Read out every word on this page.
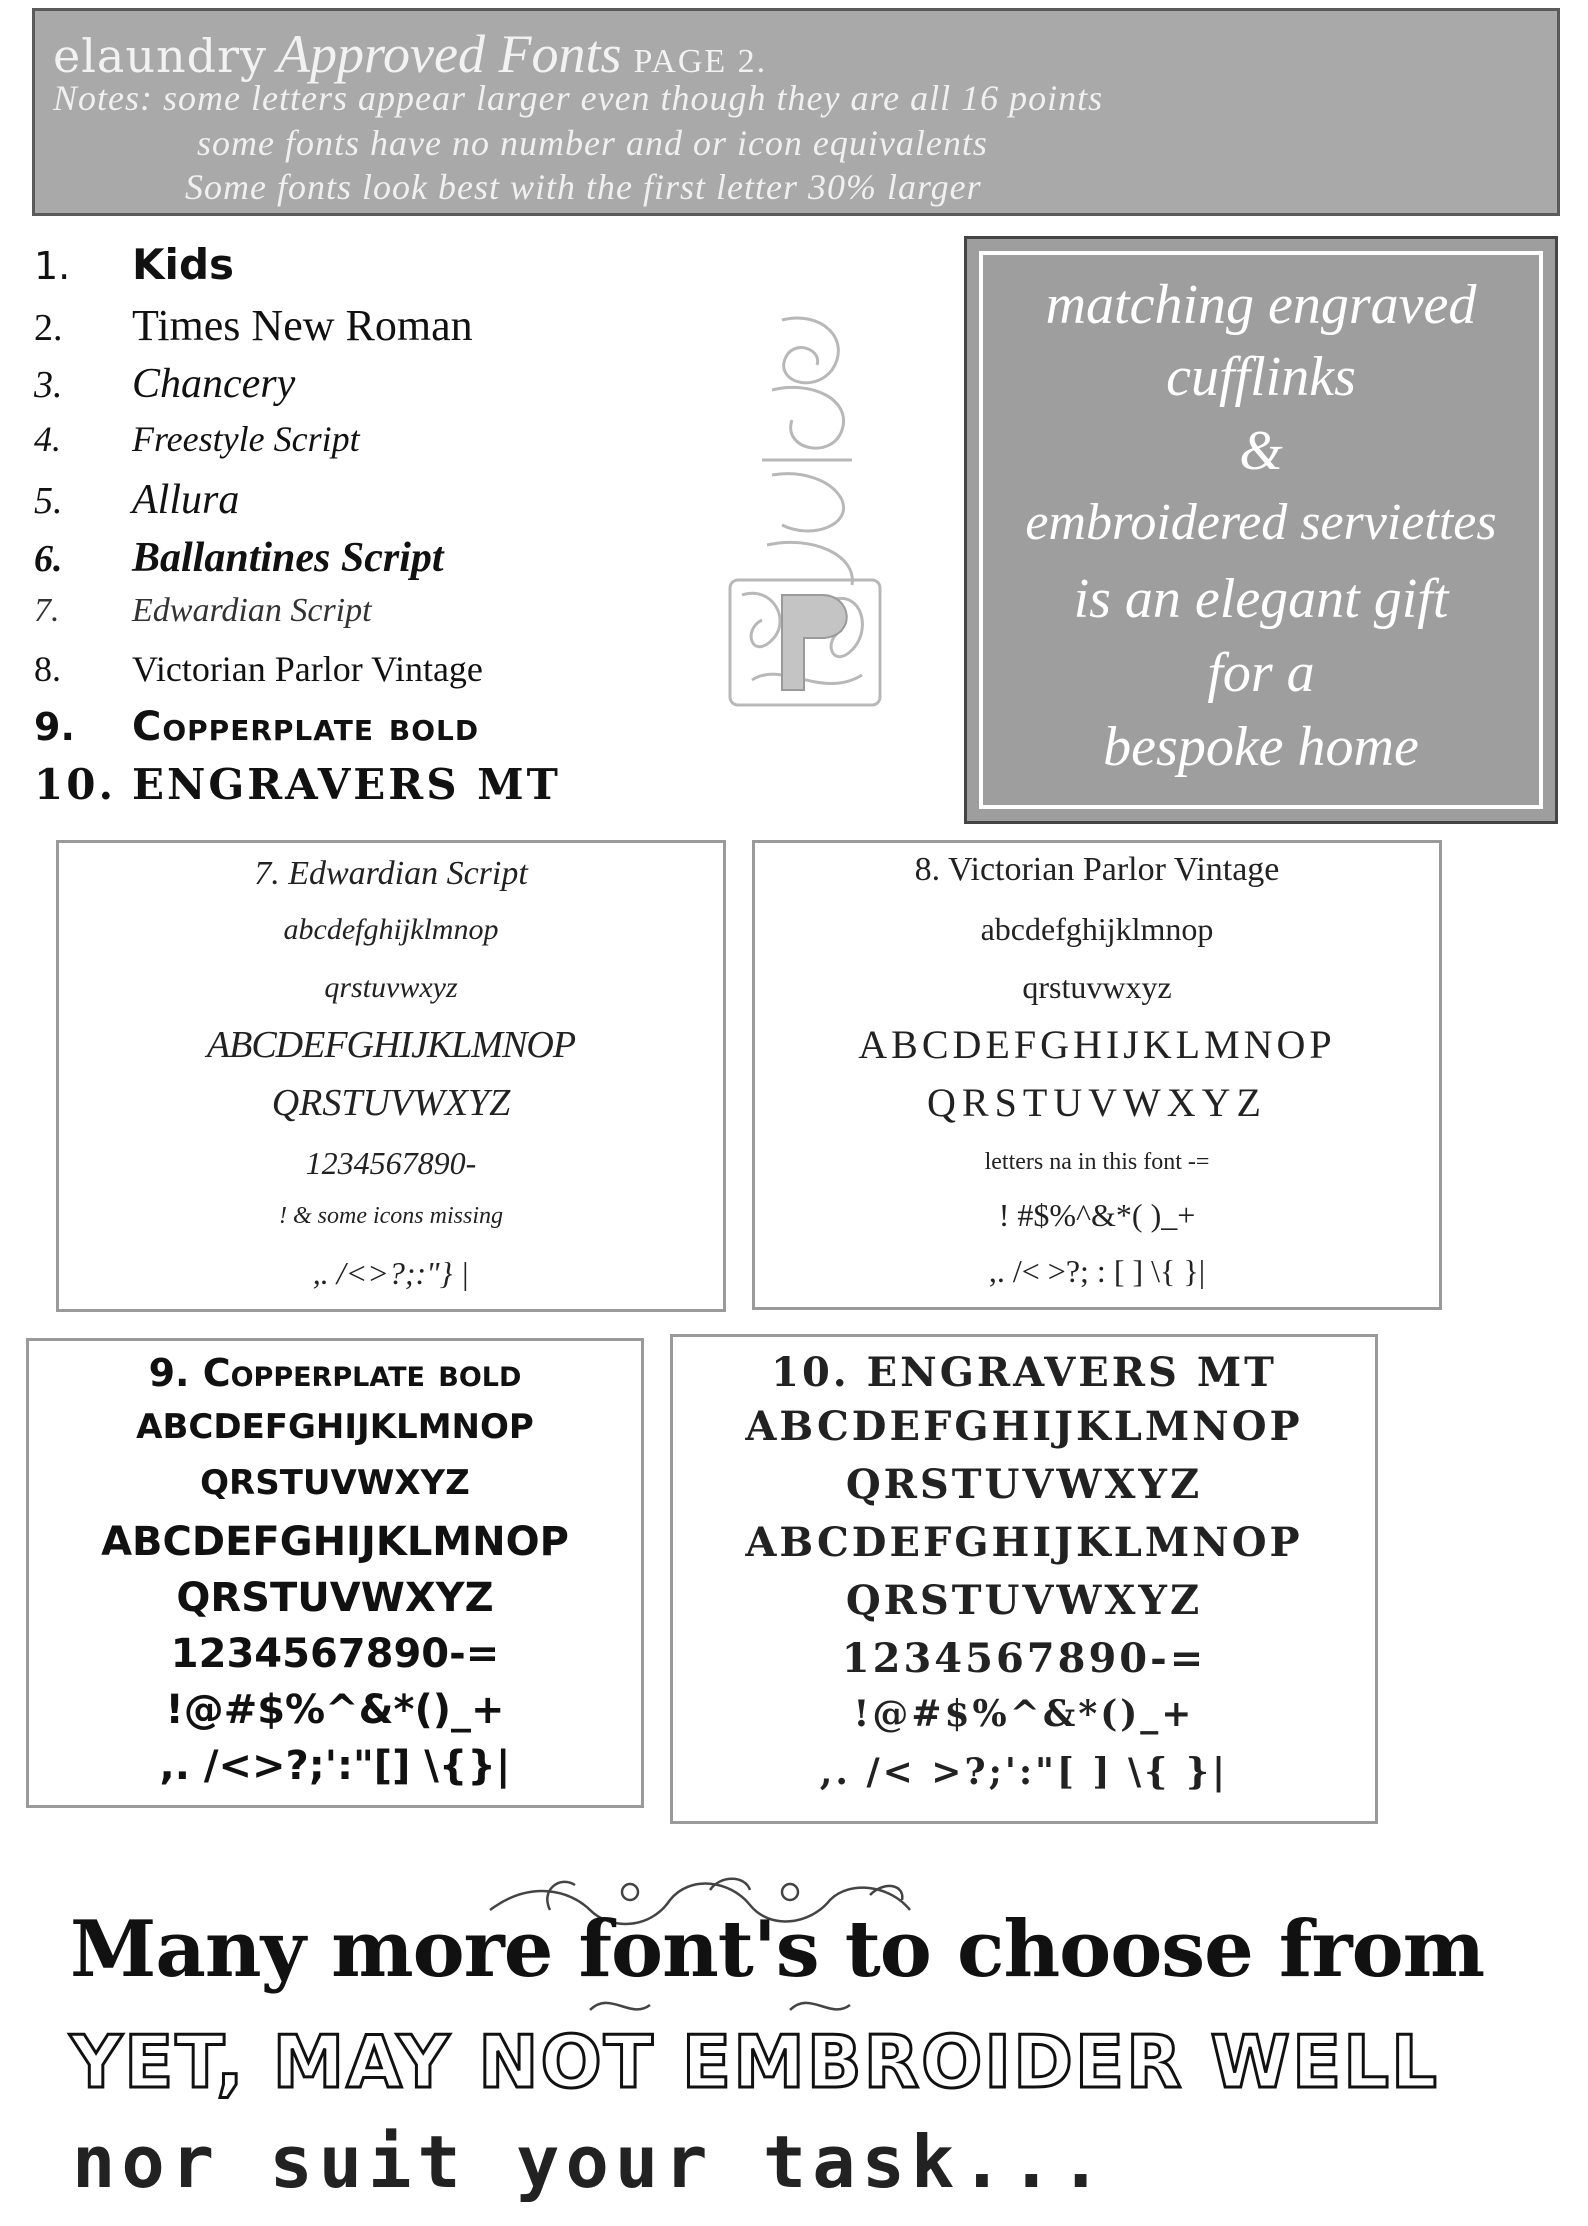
elaundry Approved Fonts PAGE 2.
Notes: some letters appear larger even though they are all 16 points
some fonts have no number and or icon equivalents
Some fonts look best with the first letter 30% larger
1. Kids
2. Times New Roman
3. Chancery
4. Freestyle Script
5. Allura
6. Ballantines Script
7. Edwardian Script
8. Victorian Parlor Vintage
9. Copperplate bold
10. ENGRAVERS MT
matching engraved
cufflinks
&
embroidered serviettes
is an elegant gift
for a
bespoke home
7. Edwardian Script
abcdefghijklmnop
qrstuvwxyz
ABCDEFGHIJKLMNOP
QRSTUVWXYZ
1234567890-
! & some icons missing
,. /<>?;:"} |
8. Victorian Parlor Vintage
abcdefghijklmnop
qrstuvwxyz
ABCDEFGHIJKLMNOP
QRSTUVWXYZ
letters na in this font -=
! #$%^&*( )_+
,. /< >?; : [ ] \{ }|
9. Copperplate bold
ABCDEFGHIJKLMNOP
QRSTUVWXYZ
ABCDEFGHIJKLMNOP
QRSTUVWXYZ
1234567890-=
!@#$%^&*()_+
,. /<>?;':"[] \{}|
10. ENGRAVERS MT
ABCDEFGHIJKLMNOP
QRSTUVWXYZ
ABCDEFGHIJKLMNOP
QRSTUVWXYZ
1234567890-=
!@#$%^&*()_+
,. /< >?;':"[ ] \{ }|
Many more font's to choose from
YET, MAY NOT EMBROIDER WELL
nor suit your task...
